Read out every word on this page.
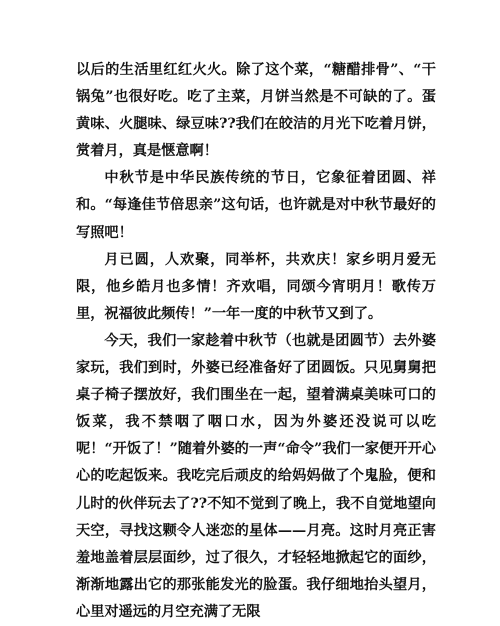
以后的生活里红红火火。除了这个菜，“糖醋排骨”、“干锅兔”也很好吃。吃了主菜，月饼当然是不可缺的了。蛋黄味、火腿味、绿豆味??我们在皎洁的月光下吃着月饼，赏着月，真是惬意啊！

中秋节是中华民族传统的节日，它象征着团圆、祥和。“每逢佳节倍思亲”这句话，也许就是对中秋节最好的写照吧！

月已圆，人欢聚，同举杯，共欢庆！家乡明月爱无限，他乡皓月也多情！齐欢唱，同颂今宵明月！歌传万里，祝福彼此频传！”一年一度的中秋节又到了。

今天，我们一家趁着中秋节（也就是团圆节）去外婆家玩，我们到时，外婆已经准备好了团圆饭。只见舅舅把桌子椅子摆放好，我们围坐在一起，望着满桌美味可口的饭菜，我不禁咽了咽口水，因为外婆还没说可以吃呢！“开饭了！”随着外婆的一声“命令”我们一家便开开心心的吃起饭来。我吃完后顽皮的给妈妈做了个鬼脸，便和儿时的伙伴玩去了??不知不觉到了晚上，我不自觉地望向天空，寻找这颗令人迷恋的星体——月亮。这时月亮正害羞地盖着层层面纱，过了很久，才轻轻地掀起它的面纱，渐渐地露出它的那张能发光的脸蛋。我仔细地抬头望月，心里对遥远的月空充满了无限
